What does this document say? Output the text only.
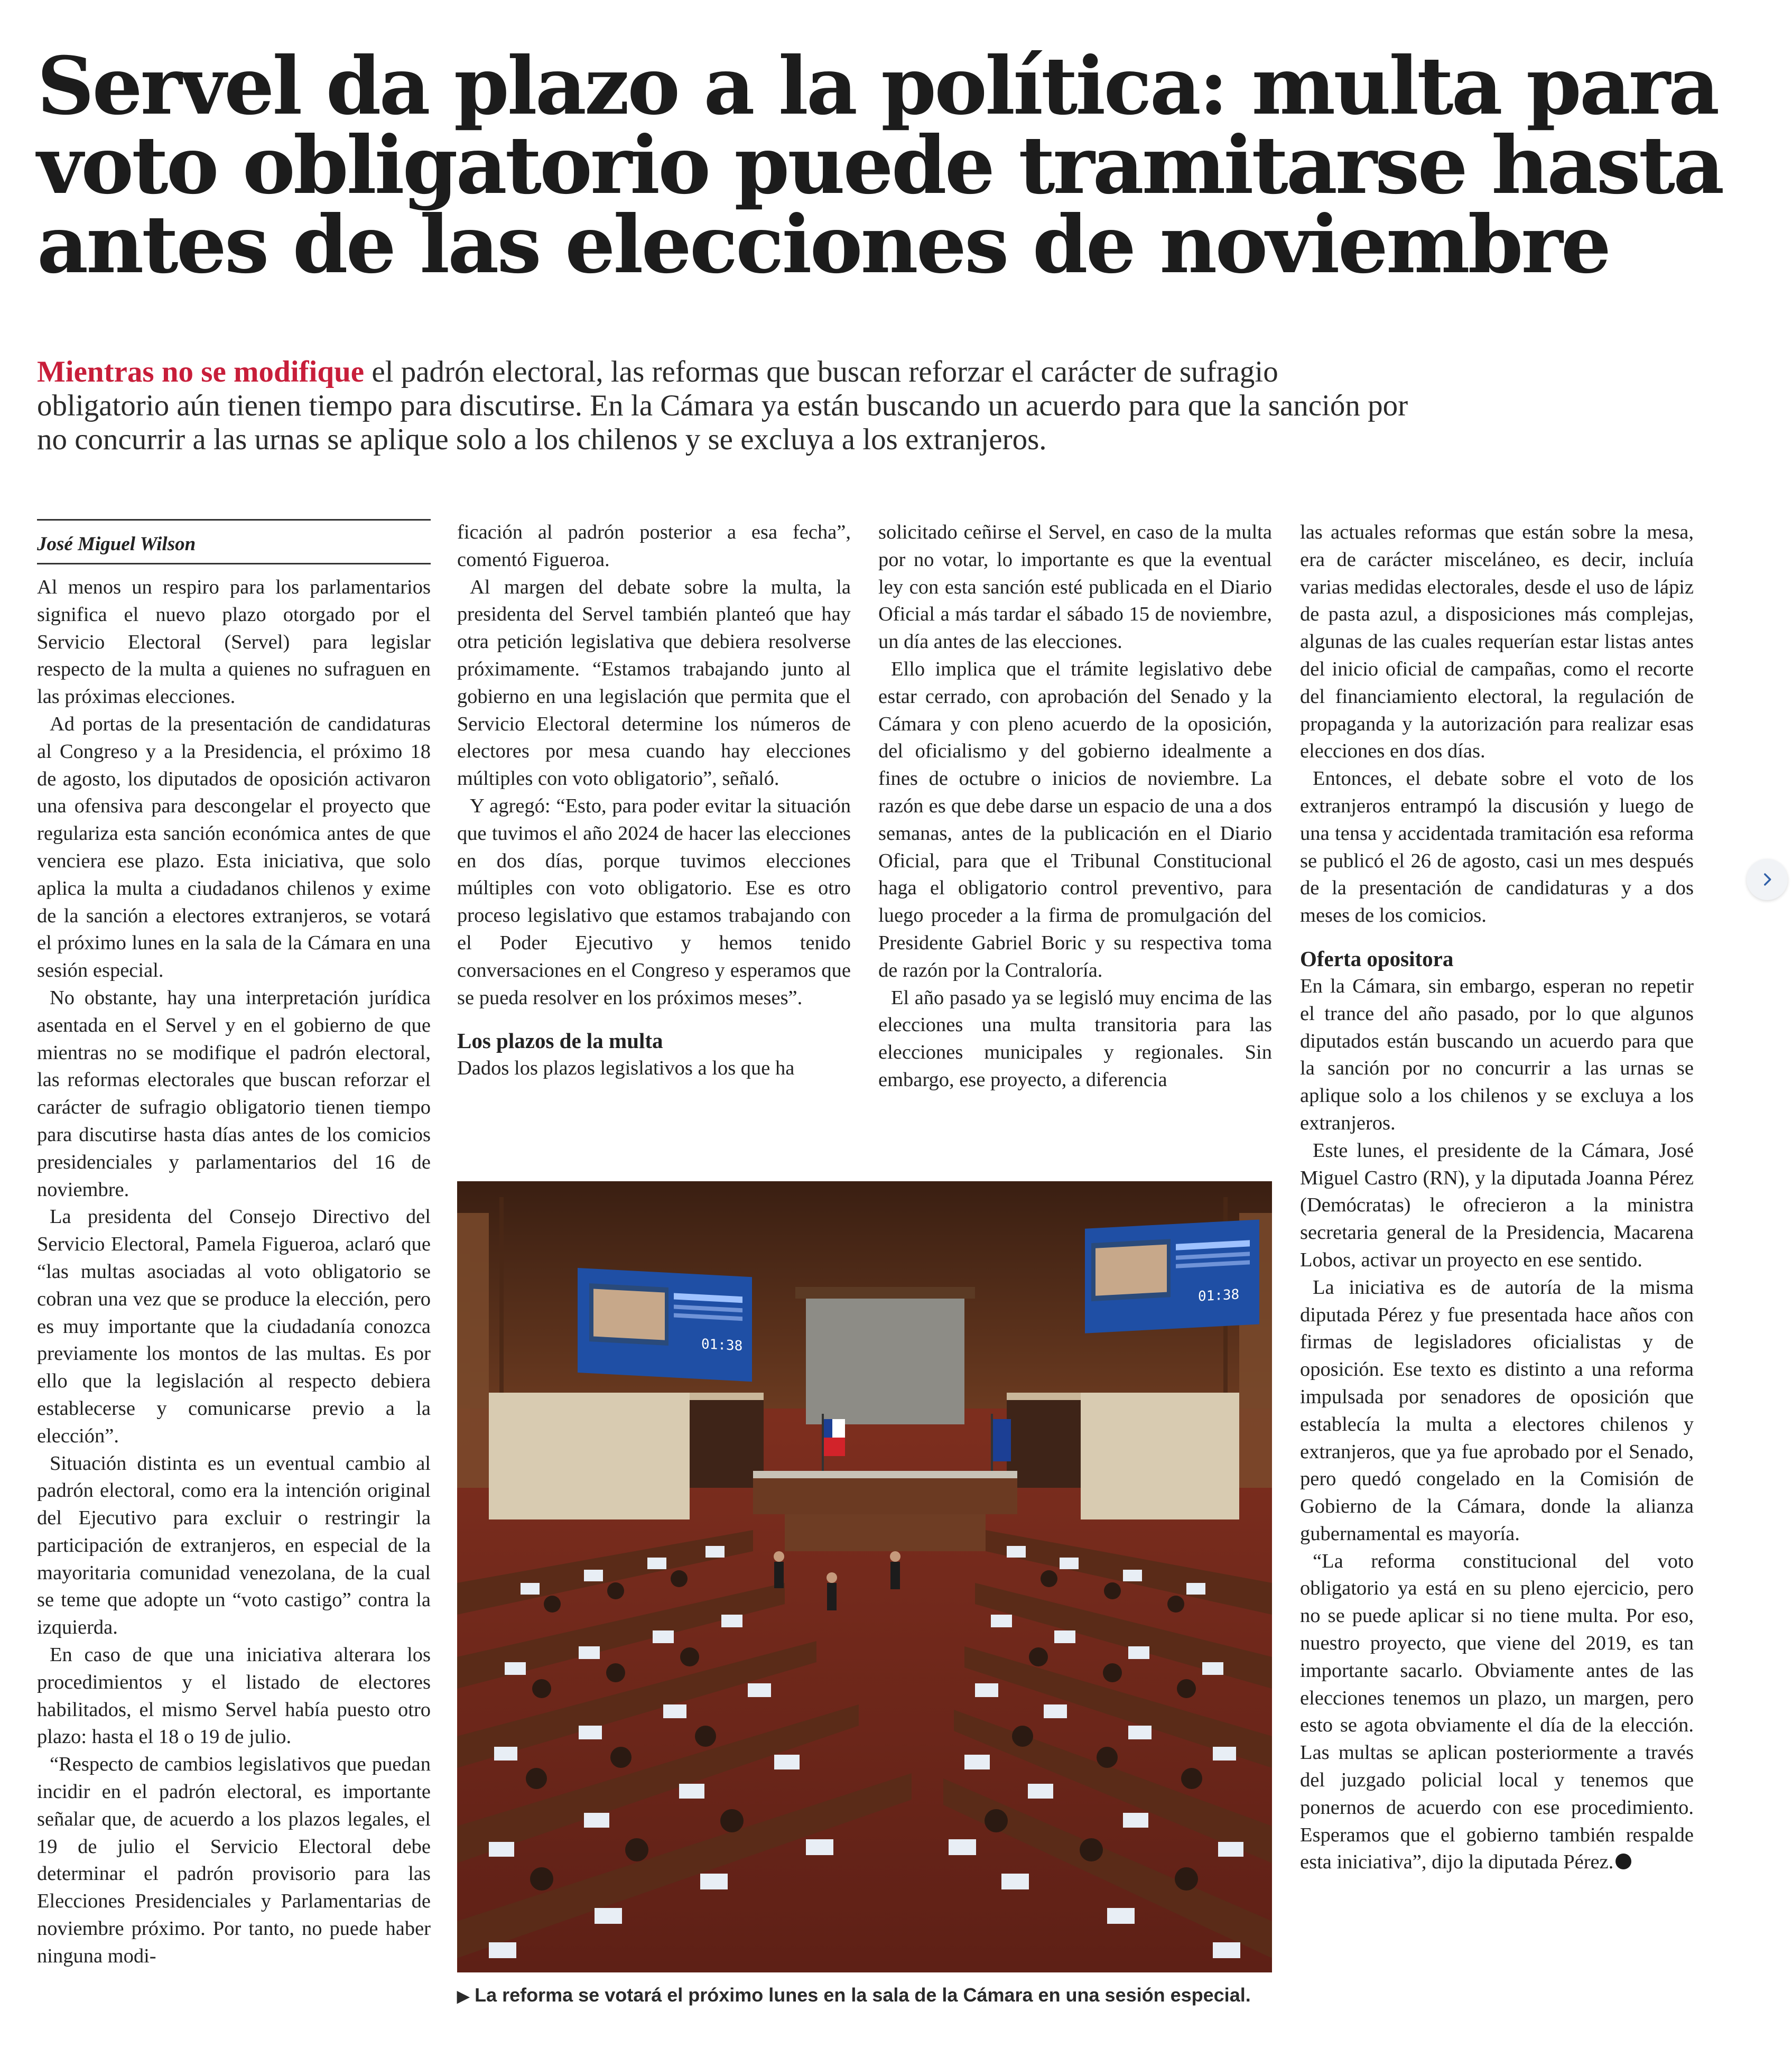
Servel da plazo a la política: multa para
voto obligatorio puede tramitarse hasta
antes de las elecciones de noviembre

Mientras no se modifique el padrón electoral, las reformas que buscan reforzar el carácter de sufragio obligatorio aún tienen tiempo para discutirse. En la Cámara ya están buscando un acuerdo para que la sanción por no concurrir a las urnas se aplique solo a los chilenos y se excluya a los extranjeros.

José Miguel Wilson

Al menos un respiro para los parlamentarios significa el nuevo plazo otorgado por el Servicio Electoral (Servel) para legislar respecto de la multa a quienes no sufraguen en las próximas elecciones.

Ad portas de la presentación de candidaturas al Congreso y a la Presidencia, el próximo 18 de agosto, los diputados de oposición activaron una ofensiva para descongelar el proyecto que regulariza esta sanción económica antes de que venciera ese plazo. Esta iniciativa, que solo aplica la multa a ciudadanos chilenos y exime de la sanción a electores extranjeros, se votará el próximo lunes en la sala de la Cámara en una sesión especial.

No obstante, hay una interpretación jurídica asentada en el Servel y en el gobierno de que mientras no se modifique el padrón electoral, las reformas electorales que buscan reforzar el carácter de sufragio obligatorio tienen tiempo para discutirse hasta días antes de los comicios presidenciales y parlamentarios del 16 de noviembre.

La presidenta del Consejo Directivo del Servicio Electoral, Pamela Figueroa, aclaró que “las multas asociadas al voto obligatorio se cobran una vez que se produce la elección, pero es muy importante que la ciudadanía conozca previamente los montos de las multas. Es por ello que la legislación al respecto debiera establecerse y comunicarse previo a la elección”.

Situación distinta es un eventual cambio al padrón electoral, como era la intención original del Ejecutivo para excluir o restringir la participación de extranjeros, en especial de la mayoritaria comunidad venezolana, de la cual se teme que adopte un “voto castigo” contra la izquierda.

En caso de que una iniciativa alterara los procedimientos y el listado de electores habilitados, el mismo Servel había puesto otro plazo: hasta el 18 o 19 de julio.

“Respecto de cambios legislativos que puedan incidir en el padrón electoral, es importante señalar que, de acuerdo a los plazos legales, el 19 de julio el Servicio Electoral debe determinar el padrón provisorio para las Elecciones Presidenciales y Parlamentarias de noviembre próximo. Por tanto, no puede haber ninguna modi-

ficación al padrón posterior a esa fecha”, comentó Figueroa.

Al margen del debate sobre la multa, la presidenta del Servel también planteó que hay otra petición legislativa que debiera resolverse próximamente. “Estamos trabajando junto al gobierno en una legislación que permita que el Servicio Electoral determine los números de electores por mesa cuando hay elecciones múltiples con voto obligatorio”, señaló.

Y agregó: “Esto, para poder evitar la situación que tuvimos el año 2024 de hacer las elecciones en dos días, porque tuvimos elecciones múltiples con voto obligatorio. Ese es otro proceso legislativo que estamos trabajando con el Poder Ejecutivo y hemos tenido conversaciones en el Congreso y esperamos que se pueda resolver en los próximos meses”.

Los plazos de la multa

Dados los plazos legislativos a los que ha

solicitado ceñirse el Servel, en caso de la multa por no votar, lo importante es que la eventual ley con esta sanción esté publicada en el Diario Oficial a más tardar el sábado 15 de noviembre, un día antes de las elecciones.

Ello implica que el trámite legislativo debe estar cerrado, con aprobación del Senado y la Cámara y con pleno acuerdo de la oposición, del oficialismo y del gobierno idealmente a fines de octubre o inicios de noviembre. La razón es que debe darse un espacio de una a dos semanas, antes de la publicación en el Diario Oficial, para que el Tribunal Constitucional haga el obligatorio control preventivo, para luego proceder a la firma de promulgación del Presidente Gabriel Boric y su respectiva toma de razón por la Contraloría.

El año pasado ya se legisló muy encima de las elecciones una multa transitoria para las elecciones municipales y regionales. Sin embargo, ese proyecto, a diferencia

las actuales reformas que están sobre la mesa, era de carácter misceláneo, es decir, incluía varias medidas electorales, desde el uso de lápiz de pasta azul, a disposiciones más complejas, algunas de las cuales requerían estar listas antes del inicio oficial de campañas, como el recorte del financiamiento electoral, la regulación de propaganda y la autorización para realizar esas elecciones en dos días.

Entonces, el debate sobre el voto de los extranjeros entrampó la discusión y luego de una tensa y accidentada tramitación esa reforma se publicó el 26 de agosto, casi un mes después de la presentación de candidaturas y a dos meses de los comicios.

Oferta opositora

En la Cámara, sin embargo, esperan no repetir el trance del año pasado, por lo que algunos diputados están buscando un acuerdo para que la sanción por no concurrir a las urnas se aplique solo a los chilenos y se excluya a los extranjeros.

Este lunes, el presidente de la Cámara, José Miguel Castro (RN), y la diputada Joanna Pérez (Demócratas) le ofrecieron a la ministra secretaria general de la Presidencia, Macarena Lobos, activar un proyecto en ese sentido.

La iniciativa es de autoría de la misma diputada Pérez y fue presentada hace años con firmas de legisladores oficialistas y de oposición. Ese texto es distinto a una reforma impulsada por senadores de oposición que establecía la multa a electores chilenos y extranjeros, que ya fue aprobado por el Senado, pero quedó congelado en la Comisión de Gobierno de la Cámara, donde la alianza gubernamental es mayoría.

“La reforma constitucional del voto obligatorio ya está en su pleno ejercicio, pero no se puede aplicar si no tiene multa. Por eso, nuestro proyecto, que viene del 2019, es tan importante sacarlo. Obviamente antes de las elecciones tenemos un plazo, un margen, pero esto se agota obviamente el día de la elección. Las multas se aplican posteriormente a través del juzgado policial local y tenemos que ponernos de acuerdo con ese procedimiento. Esperamos que el gobierno también respalde esta iniciativa”, dijo la diputada Pérez.

01:38
01:38
▶ La reforma se votará el próximo lunes en la sala de la Cámara en una sesión especial.
